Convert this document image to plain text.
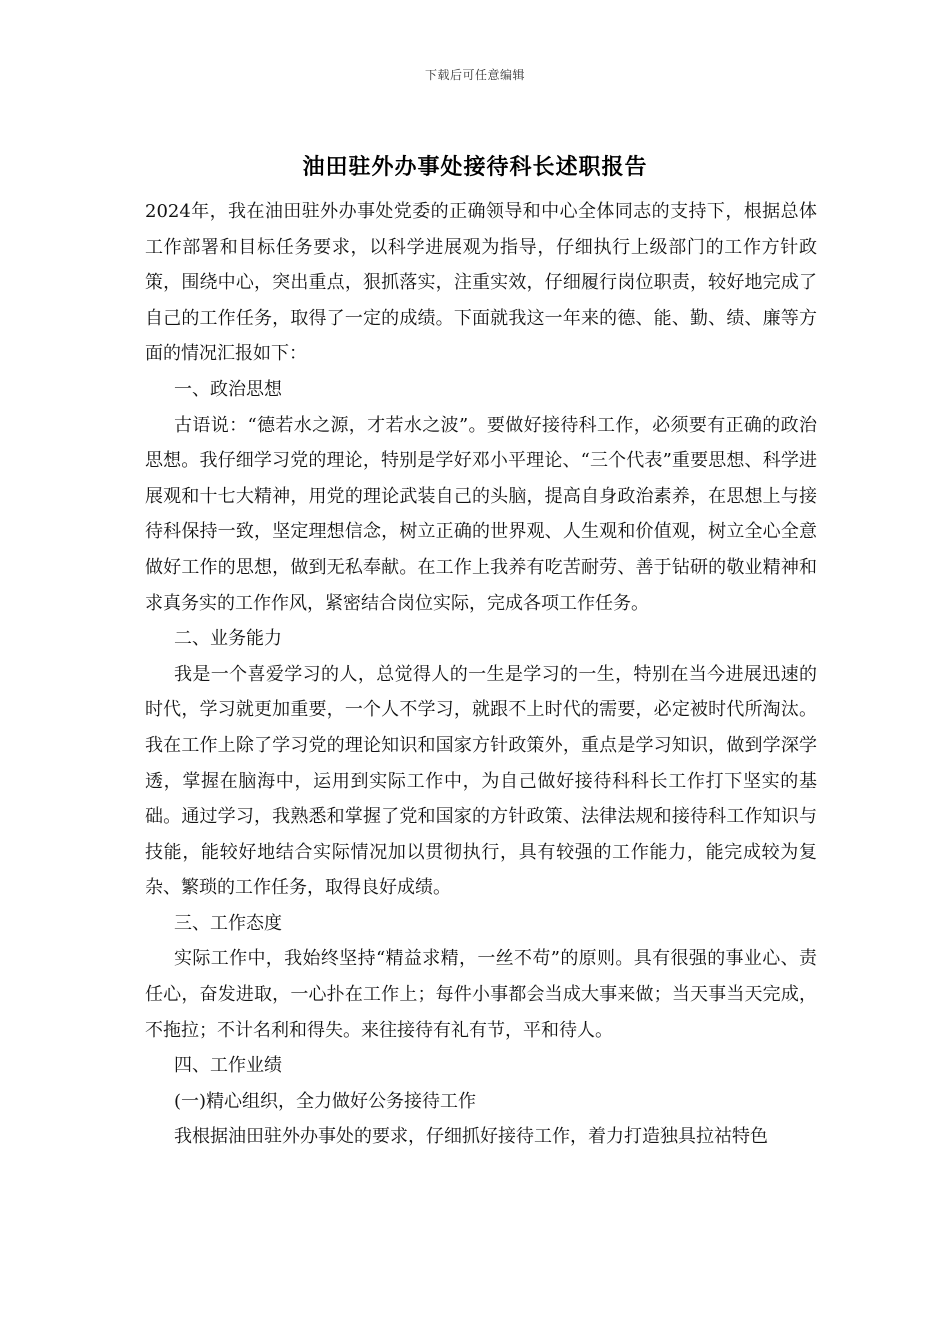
下载后可任意编辑
油田驻外办事处接待科长述职报告

2024年，我在油田驻外办事处党委的正确领导和中心全体同志的支持下，根据总体工作部署和目标任务要求，以科学进展观为指导，仔细执行上级部门的工作方针政策，围绕中心，突出重点，狠抓落实，注重实效，仔细履行岗位职责，较好地完成了自己的工作任务，取得了一定的成绩。下面就我这一年来的德、能、勤、绩、廉等方面的情况汇报如下：

一、政治思想

古语说：“德若水之源，才若水之波”。要做好接待科工作，必须要有正确的政治思想。我仔细学习党的理论，特别是学好邓小平理论、“三个代表”重要思想、科学进展观和十七大精神，用党的理论武装自己的头脑，提高自身政治素养，在思想上与接待科保持一致，坚定理想信念，树立正确的世界观、人生观和价值观，树立全心全意做好工作的思想，做到无私奉献。在工作上我养有吃苦耐劳、善于钻研的敬业精神和求真务实的工作作风，紧密结合岗位实际，完成各项工作任务。

二、业务能力

我是一个喜爱学习的人，总觉得人的一生是学习的一生，特别在当今进展迅速的时代，学习就更加重要，一个人不学习，就跟不上时代的需要，必定被时代所淘汰。我在工作上除了学习党的理论知识和国家方针政策外，重点是学习知识，做到学深学透，掌握在脑海中，运用到实际工作中，为自己做好接待科科长工作打下坚实的基础。通过学习，我熟悉和掌握了党和国家的方针政策、法律法规和接待科工作知识与技能，能较好地结合实际情况加以贯彻执行，具有较强的工作能力，能完成较为复杂、繁琐的工作任务，取得良好成绩。

三、工作态度

实际工作中，我始终坚持“精益求精，一丝不苟”的原则。具有很强的事业心、责任心，奋发进取，一心扑在工作上；每件小事都会当成大事来做；当天事当天完成，不拖拉；不计名利和得失。来往接待有礼有节，平和待人。

四、工作业绩

(一)精心组织，全力做好公务接待工作

我根据油田驻外办事处的要求，仔细抓好接待工作，着力打造独具拉祜特色
